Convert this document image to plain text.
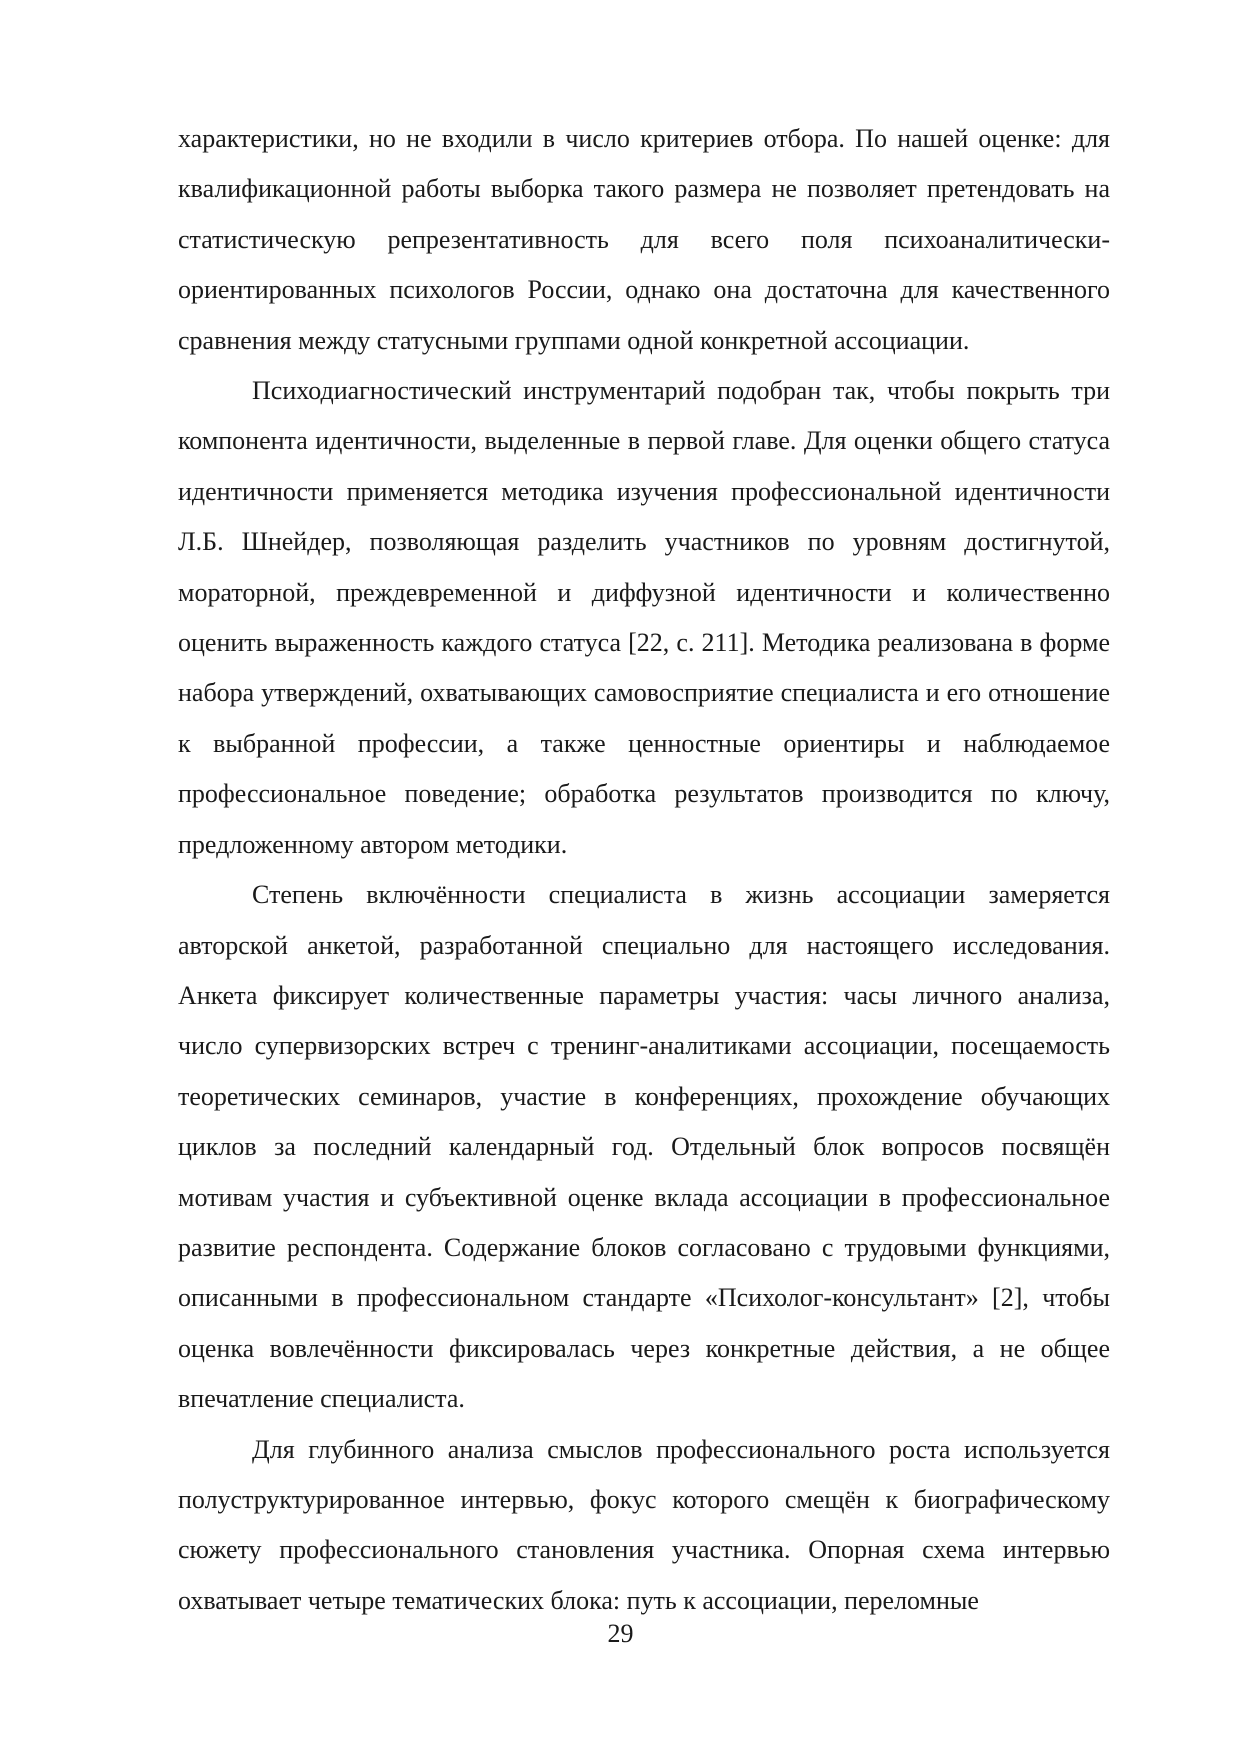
характеристики, но не входили в число критериев отбора. По нашей оценке: для квалификационной работы выборка такого размера не позволяет претендовать на статистическую репрезентативность для всего поля психоаналитически-ориентированных психологов России, однако она достаточна для качественного сравнения между статусными группами одной конкретной ассоциации.

Психодиагностический инструментарий подобран так, чтобы покрыть три компонента идентичности, выделенные в первой главе. Для оценки общего статуса идентичности применяется методика изучения профессиональной идентичности Л.Б. Шнейдер, позволяющая разделить участников по уровням достигнутой, мораторной, преждевременной и диффузной идентичности и количественно оценить выраженность каждого статуса [22, с. 211]. Методика реализована в форме набора утверждений, охватывающих самовосприятие специалиста и его отношение к выбранной профессии, а также ценностные ориентиры и наблюдаемое профессиональное поведение; обработка результатов производится по ключу, предложенному автором методики.

Степень включённости специалиста в жизнь ассоциации замеряется авторской анкетой, разработанной специально для настоящего исследования. Анкета фиксирует количественные параметры участия: часы личного анализа, число супервизорских встреч с тренинг-аналитиками ассоциации, посещаемость теоретических семинаров, участие в конференциях, прохождение обучающих циклов за последний календарный год. Отдельный блок вопросов посвящён мотивам участия и субъективной оценке вклада ассоциации в профессиональное развитие респондента. Содержание блоков согласовано с трудовыми функциями, описанными в профессиональном стандарте «Психолог-консультант» [2], чтобы оценка вовлечённости фиксировалась через конкретные действия, а не общее впечатление специалиста.

Для глубинного анализа смыслов профессионального роста используется полуструктурированное интервью, фокус которого смещён к биографическому сюжету профессионального становления участника. Опорная схема интервью охватывает четыре тематических блока: путь к ассоциации, переломные

29
